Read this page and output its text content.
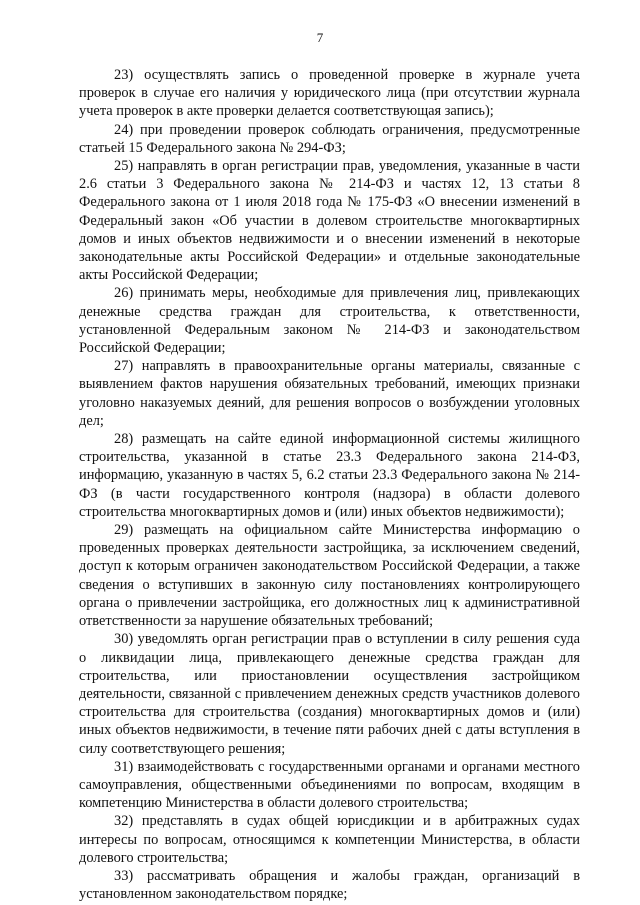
7

23) осуществлять запись о проведенной проверке в журнале учета проверок в случае его наличия у юридического лица (при отсутствии журнала учета проверок в акте проверки делается соответствующая запись);

24) при проведении проверок соблюдать ограничения, предусмотренные статьей 15 Федерального закона № 294-ФЗ;

25) направлять в орган регистрации прав, уведомления, указанные в части 2.6 статьи 3 Федерального закона № 214-ФЗ и частях 12, 13 статьи 8 Федерального закона от 1 июля 2018 года № 175-ФЗ «О внесении изменений в Федеральный закон «Об участии в долевом строительстве многоквартирных домов и иных объектов недвижимости и о внесении изменений в некоторые законодательные акты Российской Федерации» и отдельные законодательные акты Российской Федерации;

26) принимать меры, необходимые для привлечения лиц, привлекающих денежные средства граждан для строительства, к ответственности, установленной Федеральным законом № 214-ФЗ и законодательством Российской Федерации;

27) направлять в правоохранительные органы материалы, связанные с выявлением фактов нарушения обязательных требований, имеющих признаки уголовно наказуемых деяний, для решения вопросов о возбуждении уголовных дел;

28) размещать на сайте единой информационной системы жилищного строительства, указанной в статье 23.3 Федерального закона 214-ФЗ, информацию, указанную в частях 5, 6.2 статьи 23.3 Федерального закона № 214-ФЗ (в части государственного контроля (надзора) в области долевого строительства многоквартирных домов и (или) иных объектов недвижимости);

29) размещать на официальном сайте Министерства информацию о проведенных проверках деятельности застройщика, за исключением сведений, доступ к которым ограничен законодательством Российской Федерации, а также сведения о вступивших в законную силу постановлениях контролирующего органа о привлечении застройщика, его должностных лиц к административной ответственности за нарушение обязательных требований;

30) уведомлять орган регистрации прав о вступлении в силу решения суда о ликвидации лица, привлекающего денежные средства граждан для строительства, или приостановлении осуществления застройщиком деятельности, связанной с привлечением денежных средств участников долевого строительства для строительства (создания) многоквартирных домов и (или) иных объектов недвижимости, в течение пяти рабочих дней с даты вступления в силу соответствующего решения;

31) взаимодействовать с государственными органами и органами местного самоуправления, общественными объединениями по вопросам, входящим в компетенцию Министерства в области долевого строительства;

32) представлять в судах общей юрисдикции и в арбитражных судах интересы по вопросам, относящимся к компетенции Министерства, в области долевого строительства;

33) рассматривать обращения и жалобы граждан, организаций в установленном законодательством порядке;
